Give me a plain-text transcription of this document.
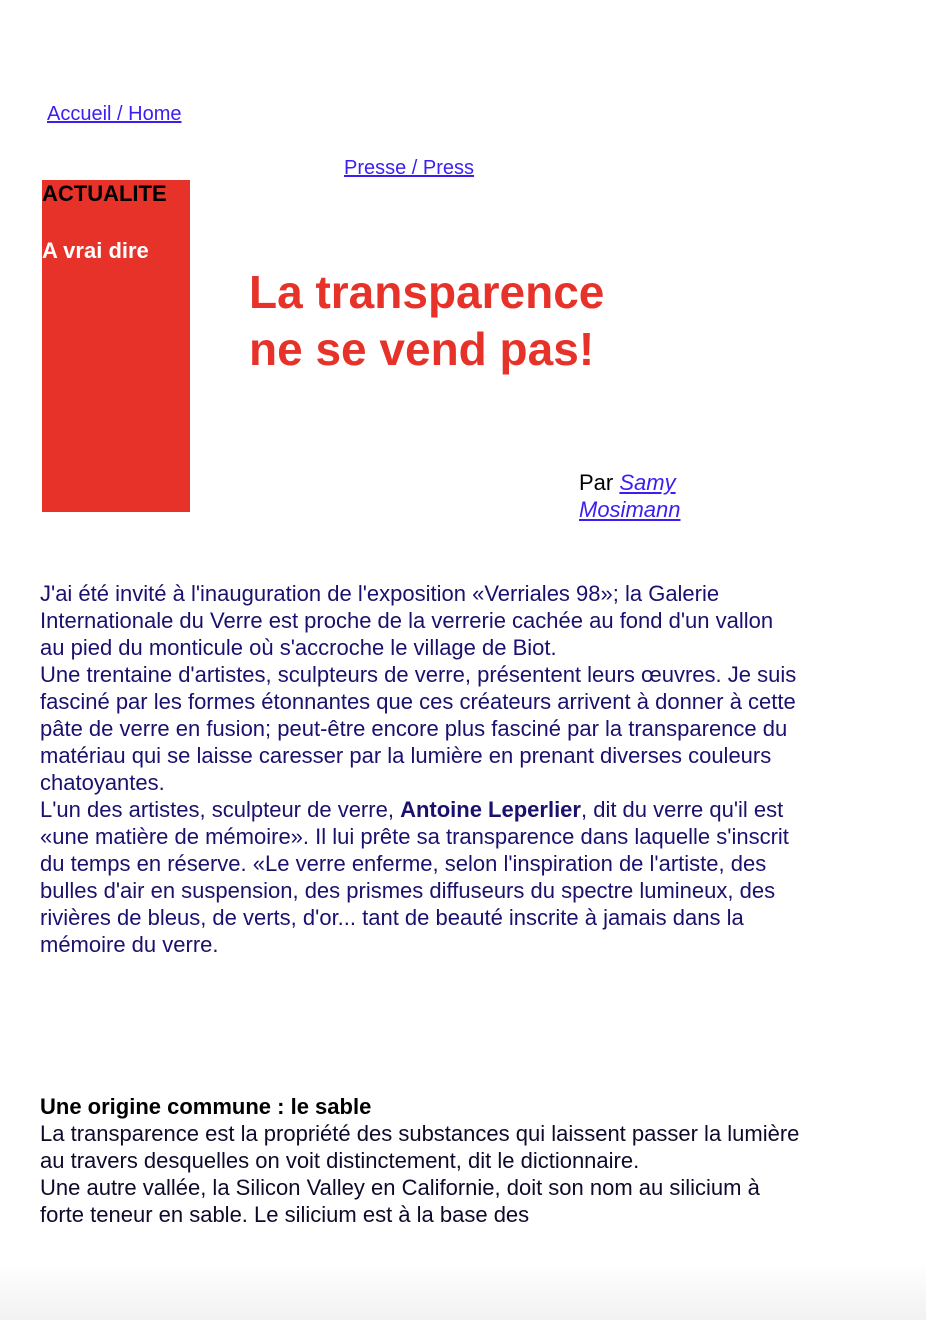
Accueil / Home
Presse / Press
ACTUALITE
A vrai dire
La transparence
ne se vend pas!
Par Samy Mosimann

J'ai été invité à l'inauguration de l'exposition «Verriales 98»; la Galerie Internationale du Verre est proche de la verrerie cachée au fond d'un vallon au pied du monticule où s'accroche le village de Biot.

Une trentaine d'artistes, sculpteurs de verre, présentent leurs œuvres. Je suis fasciné par les formes étonnantes que ces créateurs arrivent à donner à cette pâte de verre en fusion; peut-être encore plus fasciné par la transparence du matériau qui se laisse caresser par la lumière en prenant diverses couleurs chatoyantes.

L'un des artistes, sculpteur de verre, Antoine Leperlier, dit du verre qu'il est «une matière de mémoire». Il lui prête sa transparence dans laquelle s'inscrit du temps en réserve. «Le verre enferme, selon l'inspiration de l'artiste, des bulles d'air en suspension, des prismes diffuseurs du spectre lumineux, des rivières de bleus, de verts, d'or... tant de beauté inscrite à jamais dans la mémoire du verre.

Une origine commune : le sable

La transparence est la propriété des substances qui laissent passer la lumière au travers desquelles on voit distinctement, dit le dictionnaire.

Une autre vallée, la Silicon Valley en Californie, doit son nom au silicium à forte teneur en sable. Le silicium est à la base des
